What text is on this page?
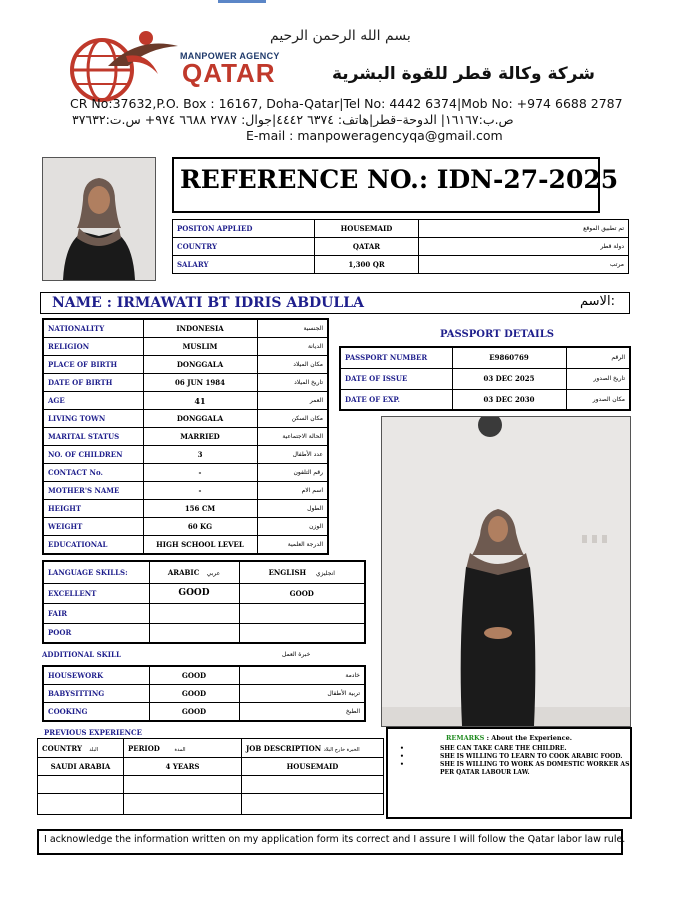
بسم الله الرحمن الرحيم
MANPOWER AGENCY
QATAR	شركة وكالة قطر للقوة البشرية
CR No:37632,P.O. Box : 16167, Doha-Qatar|Tel No: 4442 6374|Mob No: +974 6688 2787
ص.ب:١٦١٦٧| الدوحة–قطر|هاتف: ٦٣٧٤ ٤٤٤٢|جوال: ٢٧٨٧ ٦٦٨٨ ٩٧٤+ س.ت:٣٧٦٣٢
E-mail : manpoweragencyqa@gmail.com
REFERENCE NO.: IDN-27-2025
POSITON APPLIED	HOUSEMAID	تم تطبيق الموقع
COUNTRY	QATAR	دولة قطر
SALARY	1,300 QR	مرتب
NAME : IRMAWATI BT IDRIS ABDULLA	الاسم:
NATIONALITY	INDONESIA	الجنسية
RELIGION	MUSLIM	الديانة
PLACE OF BIRTH	DONGGALA	مكان الميلاد
DATE OF BIRTH	06 JUN 1984	تاريخ الميلاد
AGE	41	العمر
LIVING TOWN	DONGGALA	مكان السكن
MARITAL STATUS	MARRIED	الحالة الاجتماعية
NO. OF CHILDREN	3	عدد الأطفال
CONTACT No.	-	رقم التلفون
MOTHER'S NAME	-	اسم الام
HEIGHT	156 CM	الطول
WEIGHT	60 KG	الوزن
EDUCATIONAL	HIGH SCHOOL LEVEL	الدرجة العلمية
PASSPORT DETAILS
PASSPORT NUMBER	E9860769	الرقم
DATE OF ISSUE	03 DEC 2025	تاريخ الصدور
DATE OF EXP.	03 DEC 2030	مكان الصدور
LANGUAGE SKILLS:	ARABIC عربي	ENGLISH انجليزي
EXCELLENT	GOOD	GOOD
FAIR		
POOR		
ADDITIONAL SKILL	خبرة العمل
HOUSEWORK	GOOD	خادمة
BABYSITTING	GOOD	تربية الأطفال
COOKING	GOOD	الطبخ
PREVIOUS EXPERIENCE
COUNTRY البلد	PERIOD المدة	JOB DESCRIPTION الخبرة خارج البلاد
SAUDI ARABIA	4 YEARS	HOUSEMAID

REMARKS : About the Experience.
•	SHE CAN TAKE CARE THE CHILDRE.
•	SHE IS WILLING TO LEARN TO COOK ARABIC FOOD.
•	SHE IS WILLING TO WORK AS DOMESTIC WORKER AS PER QATAR LABOUR LAW.
I acknowledge the information written on my application form its correct and I assure I will follow the Qatar labor law rule.
